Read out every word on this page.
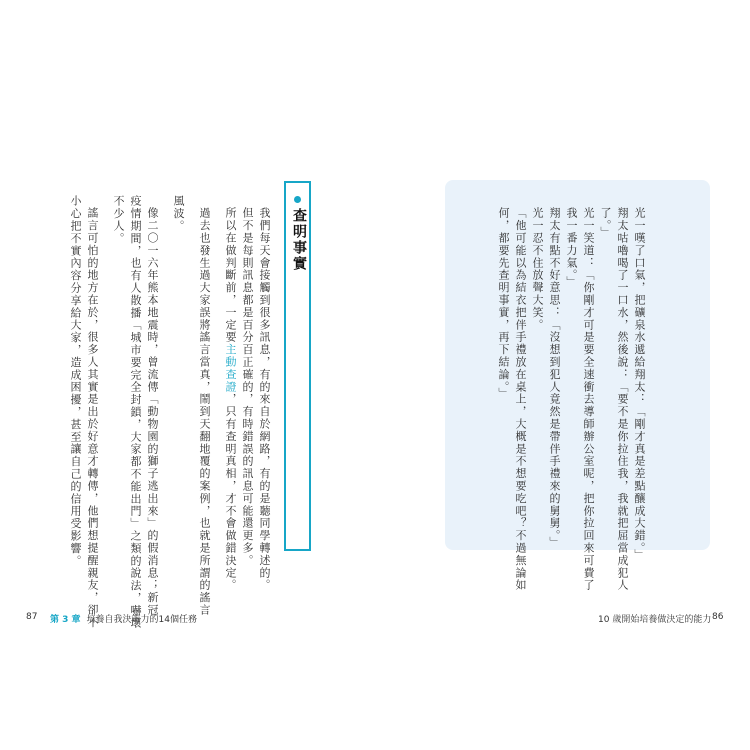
光一嘆了口氣，把礦泉水遞給翔太：「剛才真是差點釀成大錯。」
翔太咕嚕喝了一口水，然後說：「要不是你拉住我，我就把屈當成犯人
了。」
光一笑道：「你剛才可是要全速衝去導師辦公室呢，把你拉回來可費了
我一番力氣。」
翔太有點不好意思：「沒想到犯人竟然是帶伴手禮來的舅舅。」
光一忍不住放聲大笑。
「他可能以為結衣把伴手禮放在桌上，大概是不想要吃吧？不過無論如
何，都要先查明事實，再下結論。」
查明事實
我們每天會接觸到很多訊息，有的來自於網路，有的是聽同學轉述的。
但不是每則訊息都是百分百正確的，有時錯誤的訊息可能還更多。
所以在做判斷前，一定要主動查證，只有查明真相，才不會做錯決定。
過去也發生過大家誤將謠言當真，鬧到天翻地覆的案例，也就是所謂的謠言
風波。
像二〇一六年熊本地震時，曾流傳「動物園的獅子逃出來」的假消息；新冠
疫情期間，也有人散播「城市要完全封鎖，大家都不能出門」之類的說法，嚇壞
不少人。
謠言可怕的地方在於，很多人其實是出於好意才轉傳，他們想提醒親友，卻不
小心把不實內容分享給大家，造成困擾，甚至讓自己的信用受影響。
87 第 3 章 培養自我決策力的14個任務	10 歲開始培養做決定的能力 86
